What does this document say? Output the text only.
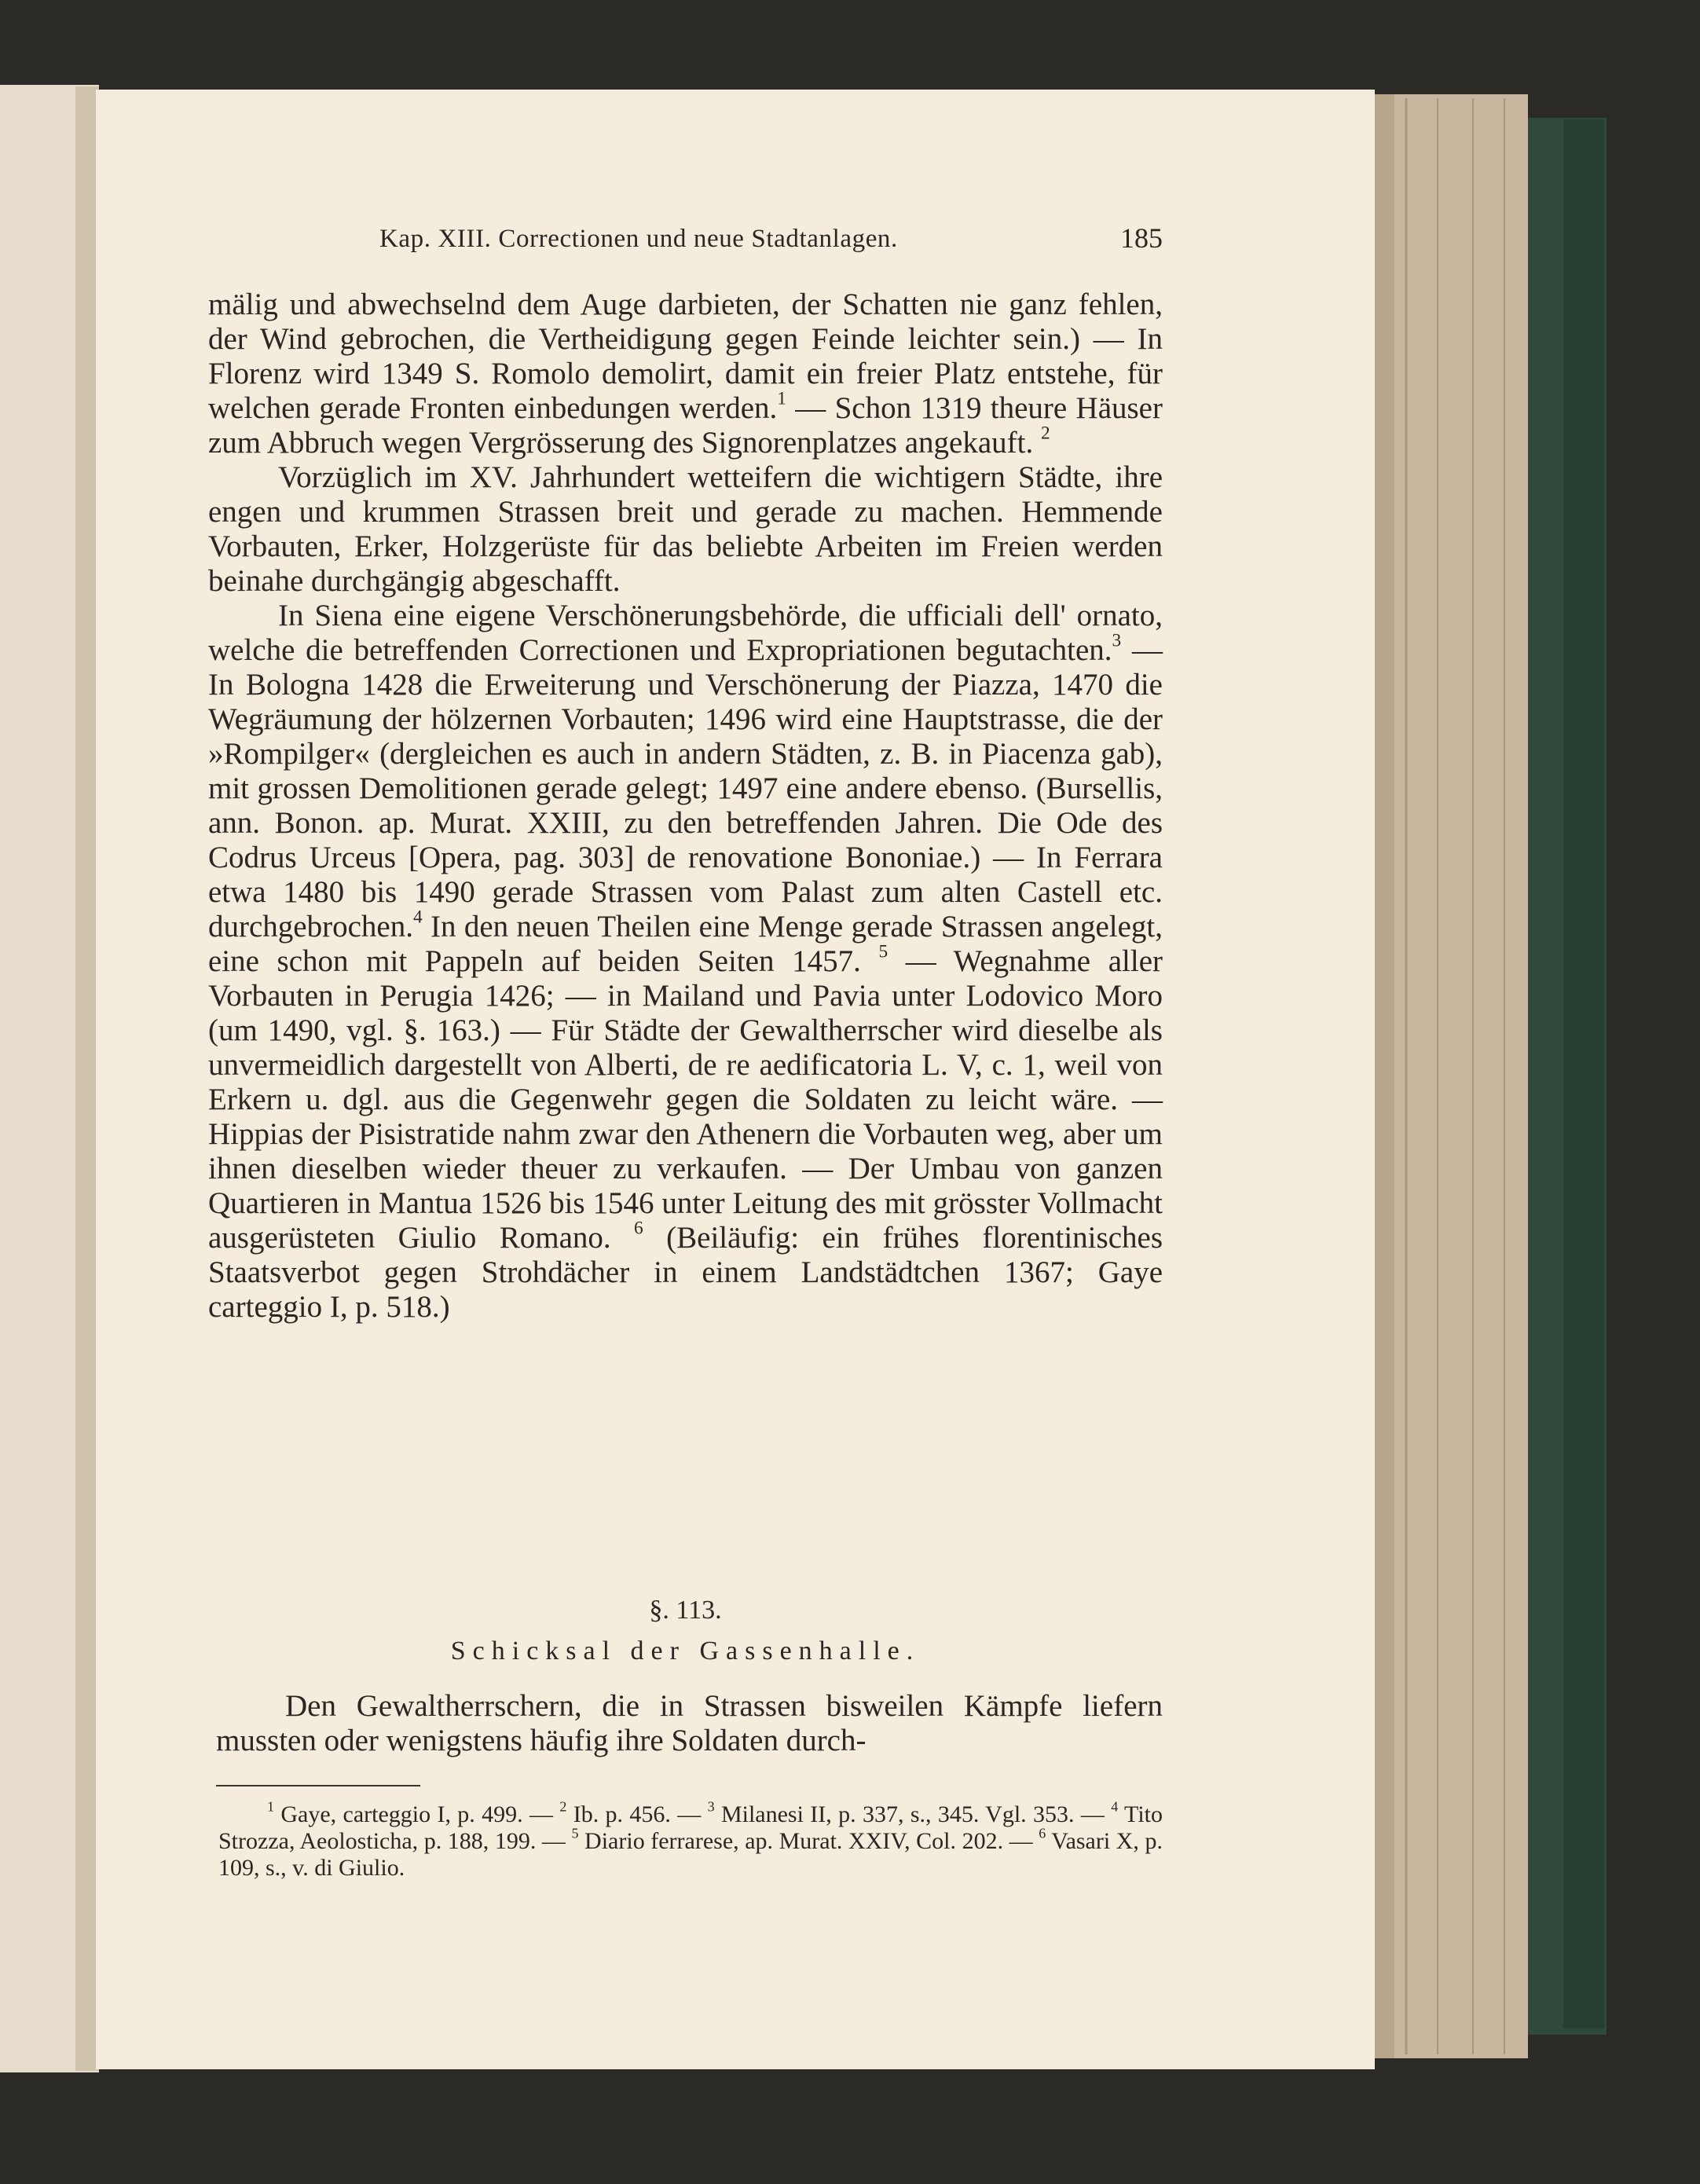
Kap. XIII. Correctionen und neue Stadtanlagen.	185

mälig und abwechselnd dem Auge darbieten, der Schatten nie ganz fehlen, der Wind gebrochen, die Vertheidigung gegen Feinde leichter sein.) — In Florenz wird 1349 S. Romolo demolirt, damit ein freier Platz entstehe, für welchen gerade Fronten einbedungen werden.$^1$ — Schon 1319 theure Häuser zum Abbruch wegen Vergrösserung des Signorenplatzes angekauft. $^2$

Vorzüglich im XV. Jahrhundert wetteifern die wichtigern Städte, ihre engen und krummen Strassen breit und gerade zu machen. Hemmende Vorbauten, Erker, Holzgerüste für das beliebte Arbeiten im Freien werden beinahe durchgängig abgeschafft.

In Siena eine eigene Verschönerungsbehörde, die ufficiali dell' ornato, welche die betreffenden Correctionen und Expropriationen begutachten.$^3$ — In Bologna 1428 die Erweiterung und Verschönerung der Piazza, 1470 die Wegräumung der hölzernen Vorbauten; 1496 wird eine Hauptstrasse, die der »Rompilger« (dergleichen es auch in andern Städten, z. B. in Piacenza gab), mit grossen Demolitionen gerade gelegt; 1497 eine andere ebenso. (Bursellis, ann. Bonon. ap. Murat. XXIII, zu den betreffenden Jahren. Die Ode des Codrus Urceus [Opera, pag. 303] de renovatione Bononiae.) — In Ferrara etwa 1480 bis 1490 gerade Strassen vom Palast zum alten Castell etc. durchgebrochen.$^4$ In den neuen Theilen eine Menge gerade Strassen angelegt, eine schon mit Pappeln auf beiden Seiten 1457. $^5$ — Wegnahme aller Vorbauten in Perugia 1426; — in Mailand und Pavia unter Lodovico Moro (um 1490, vgl. §. 163.) — Für Städte der Gewaltherrscher wird dieselbe als unvermeidlich dargestellt von Alberti, de re aedificatoria L. V, c. 1, weil von Erkern u. dgl. aus die Gegenwehr gegen die Soldaten zu leicht wäre. — Hippias der Pisistratide nahm zwar den Athenern die Vorbauten weg, aber um ihnen dieselben wieder theuer zu verkaufen. — Der Umbau von ganzen Quartieren in Mantua 1526 bis 1546 unter Leitung des mit grösster Vollmacht ausgerüsteten Giulio Romano. $^6$ (Beiläufig: ein frühes florentinisches Staatsverbot gegen Strohdächer in einem Landstädtchen 1367; Gaye carteggio I, p. 518.)

§. 113.
Schicksal der Gassenhalle.

Den Gewaltherrschern, die in Strassen bisweilen Kämpfe liefern mussten oder wenigstens häufig ihre Soldaten durch-

$^1$ Gaye, carteggio I, p. 499. — $^2$ Ib. p. 456. — $^3$ Milanesi II, p. 337, s., 345. Vgl. 353. — $^4$ Tito Strozza, Aeolosticha, p. 188, 199. — $^5$ Diario ferrarese, ap. Murat. XXIV, Col. 202. — $^6$ Vasari X, p. 109, s., v. di Giulio.
